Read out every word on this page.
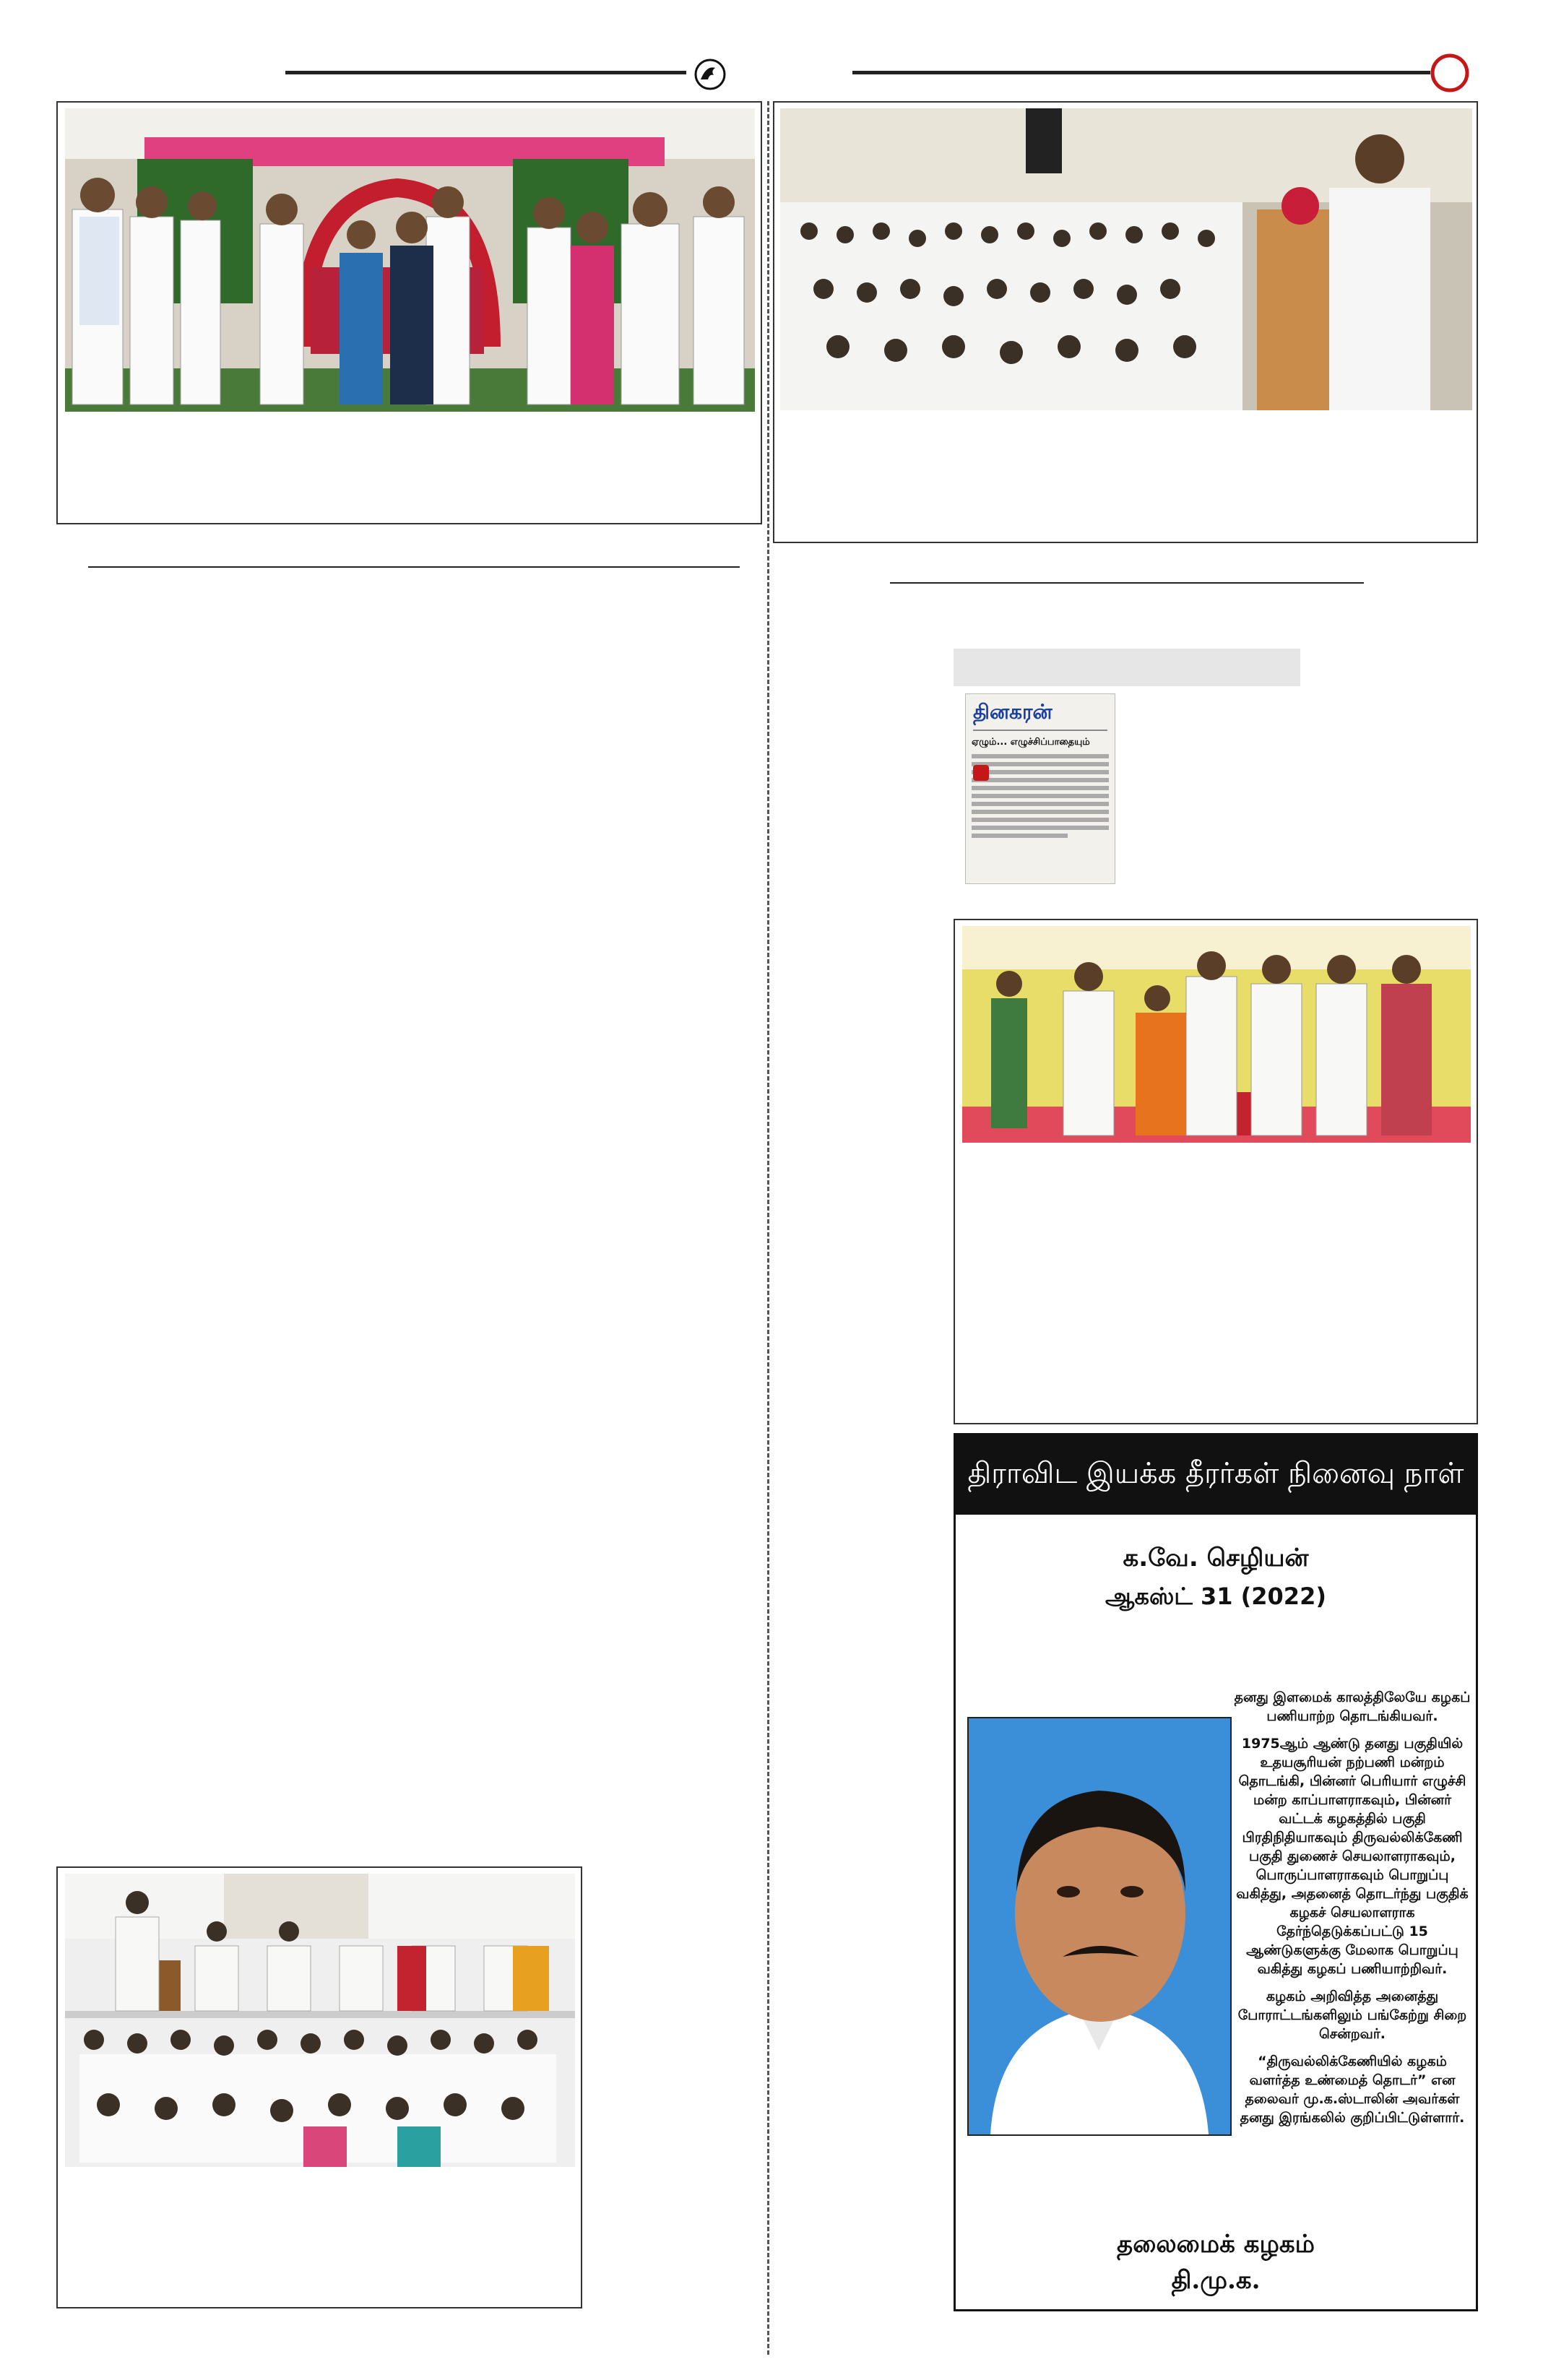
தினகரன்
ஏழும்... எழுச்சிப்பாதையும்
திராவிட இயக்க தீரர்கள் நினைவு நாள்
க.வே. செழியன்
ஆகஸ்ட் 31 (2022)

தனது இளமைக் காலத்திலேயே கழகப் பணியாற்ற தொடங்கியவர்.

1975ஆம் ஆண்டு தனது பகுதியில் உதயசூரியன் நற்பணி மன்றம் தொடங்கி, பின்னர் பெரியார் எழுச்சி மன்ற காப்பாளராகவும், பின்னர் வட்டக் கழகத்தில் பகுதி பிரதிநிதியாகவும் திருவல்லிக்கேணி பகுதி துணைச் செயலாளராகவும், பொருப்பாளராகவும் பொறுப்பு வகித்து, அதனைத் தொடர்ந்து பகுதிக் கழகச் செயலாளராக தேர்ந்தெடுக்கப்பட்டு 15 ஆண்டுகளுக்கு மேலாக பொறுப்பு வகித்து கழகப் பணியாற்றிவர்.

கழகம் அறிவித்த அனைத்து போராட்டங்களிலும் பங்கேற்று சிறை சென்றவர்.

“திருவல்லிக்கேணியில் கழகம் வளர்த்த உண்மைத் தொடர்” என தலைவர் மு.க.ஸ்டாலின் அவர்கள் தனது இரங்கலில் குறிப்பிட்டுள்ளார்.

தலைமைக் கழகம்
தி.மு.க.
